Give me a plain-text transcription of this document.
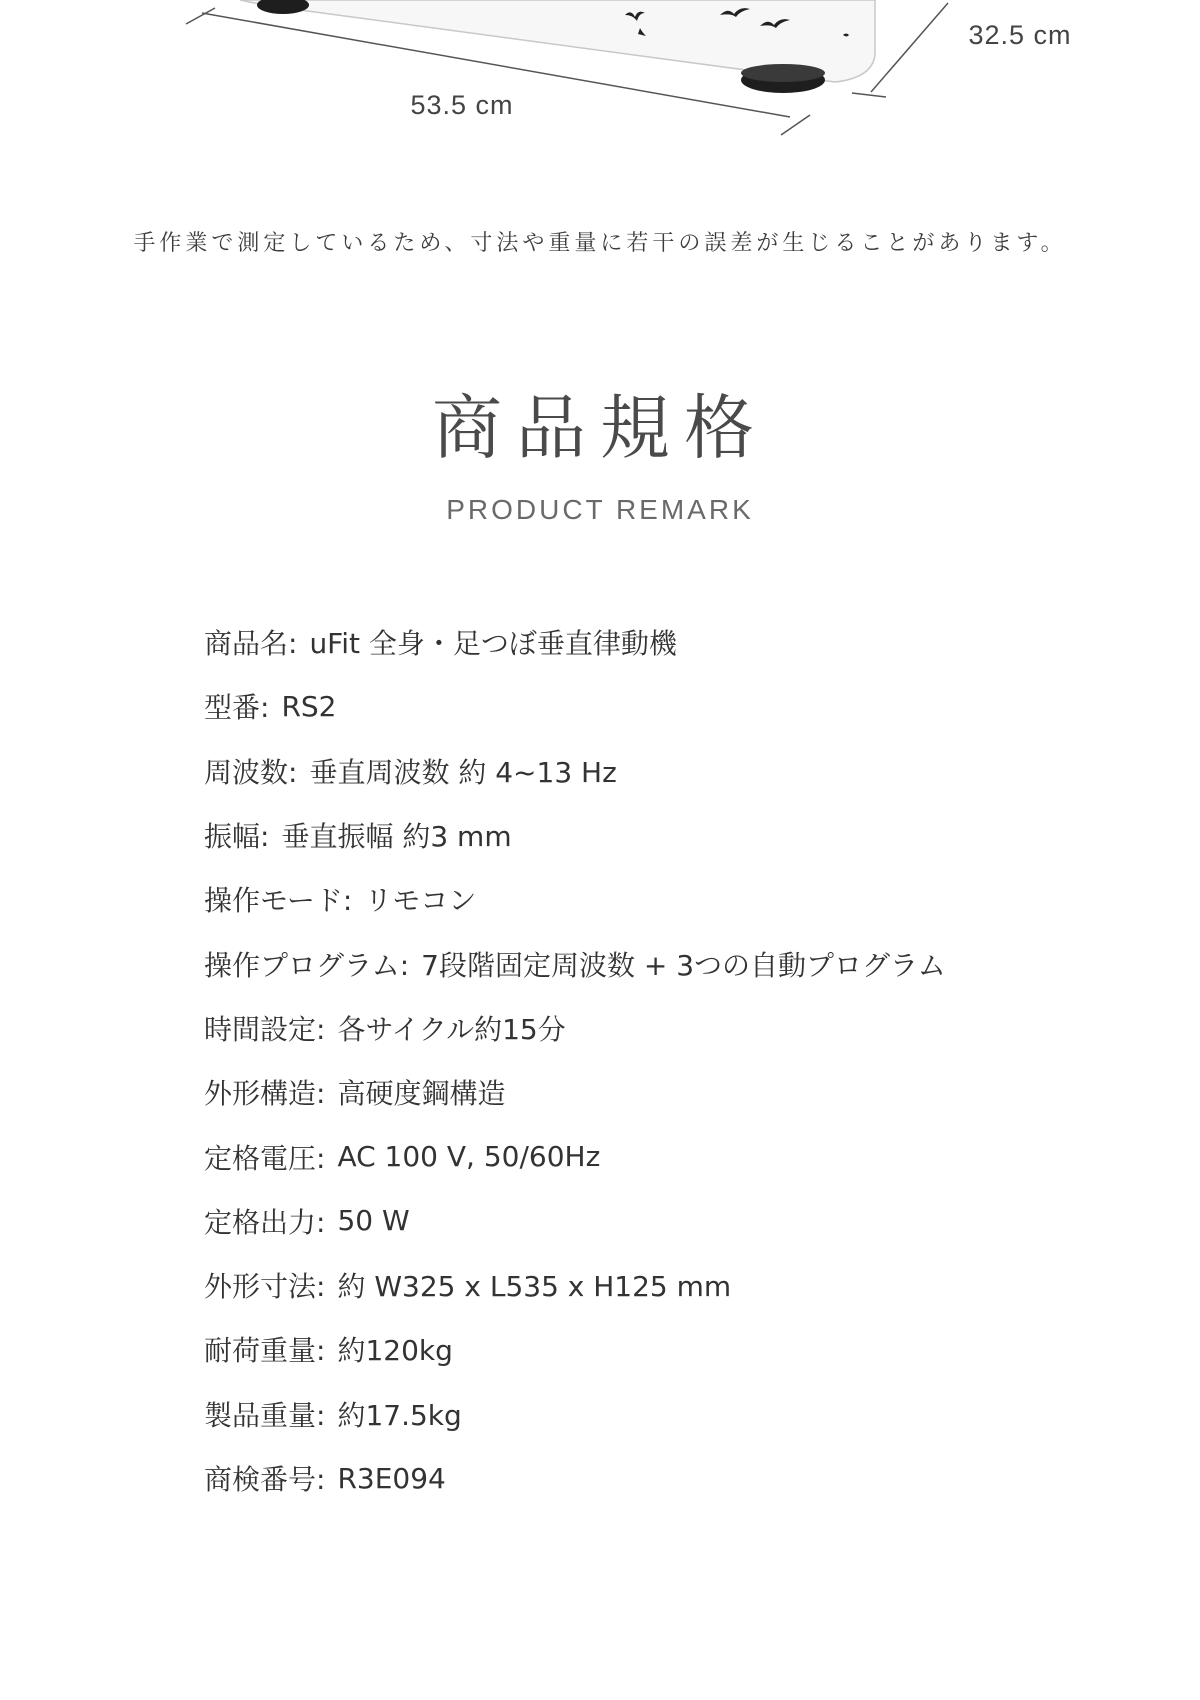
32.5 cm
53.5 cm

手作業で測定しているため、寸法や重量に若干の誤差が生じることがあります。

商品規格
PRODUCT REMARK
商品名: uFit 全身・足つぼ垂直律動機
型番: RS2
周波数: 垂直周波数 約 4~13 Hz
振幅: 垂直振幅 約3 mm
操作モード: リモコン
操作プログラム: 7段階固定周波数 + 3つの自動プログラム
時間設定: 各サイクル約15分
外形構造: 高硬度鋼構造
定格電圧: AC 100 V, 50/60Hz
定格出力: 50 W
外形寸法: 約 W325 x L535 x H125 mm
耐荷重量: 約120kg
製品重量: 約17.5kg
商検番号: R3E094
